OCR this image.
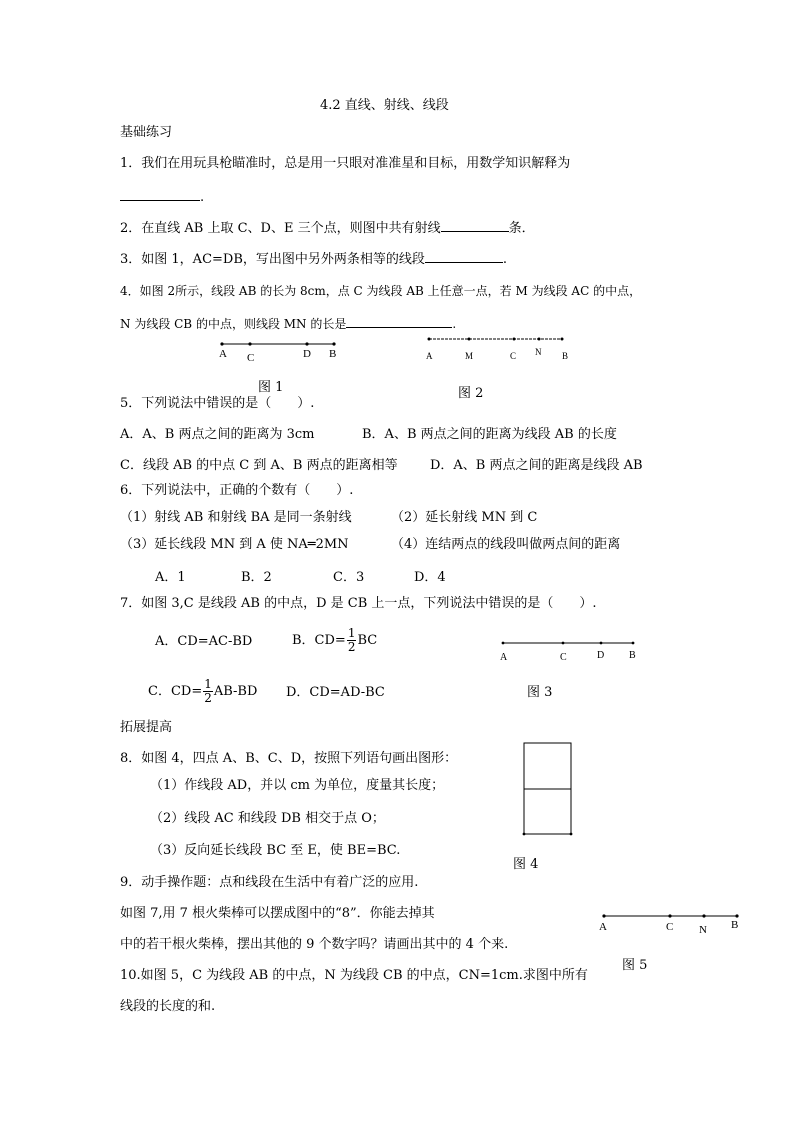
4.2 直线、射线、线段
基础练习
1．我们在用玩具枪瞄准时，总是用一只眼对准准星和目标，用数学知识解释为
.
2．在直线 AB 上取 C、D、E 三个点，则图中共有射线	条．
3．如图 1，AC=DB，写出图中另外两条相等的线段	.
4．如图 2所示，线段 AB 的长为 8cm，点 C 为线段 AB 上任意一点，若 M 为线段 AC 的中点，
N 为线段 CB 的中点，则线段 MN 的长是	.
A C	D B
图 1
A	M	C N B
图 2
5．下列说法中错误的是（　　）.
A．A、B 两点之间的距离为 3cm	B．A、B 两点之间的距离为线段 AB 的长度
C．线段 AB 的中点 C 到 A、B 两点的距离相等 D．A、B 两点之间的距离是线段 AB
6．下列说法中，正确的个数有（　　）.
（1）射线 AB 和射线 BA 是同一条射线	（2）延长射线 MN 到 C
（3）延长线段 MN 到 A 使 NA═2MN	（4）连结两点的线段叫做两点间的距离
A．1	B．2	C．3	D．4
7．如图 3,C 是线段 AB 的中点，D 是 CB 上一点，下列说法中错误的是（　　）.
A．CD=AC-BD	B．$CD= \frac{1}{2}$ BC
C．$CD= \frac{1}{2} AB-BD$ D．CD=AD-BC
A	C	D B
图 3
拓展提高
8．如图 4，四点 A、B、C、D，按照下列语句画出图形：
（1）作线段 AD，并以 cm 为单位，度量其长度；
（2）线段 AC 和线段 DB 相交于点 O；
（3）反向延长线段 BC 至 E，使 BE=BC.
图 4
9．动手操作题：点和线段在生活中有着广泛的应用.
如图 7,用 7 根火柴棒可以摆成图中的“8”．你能去掉其
中的若干根火柴棒，摆出其他的 9 个数字吗？请画出其中的 4 个来.
10.如图 5，C 为线段 AB 的中点，N 为线段 CB 的中点，CN=1cm.求图中所有
线段的长度的和.
A	C N B
图 5
